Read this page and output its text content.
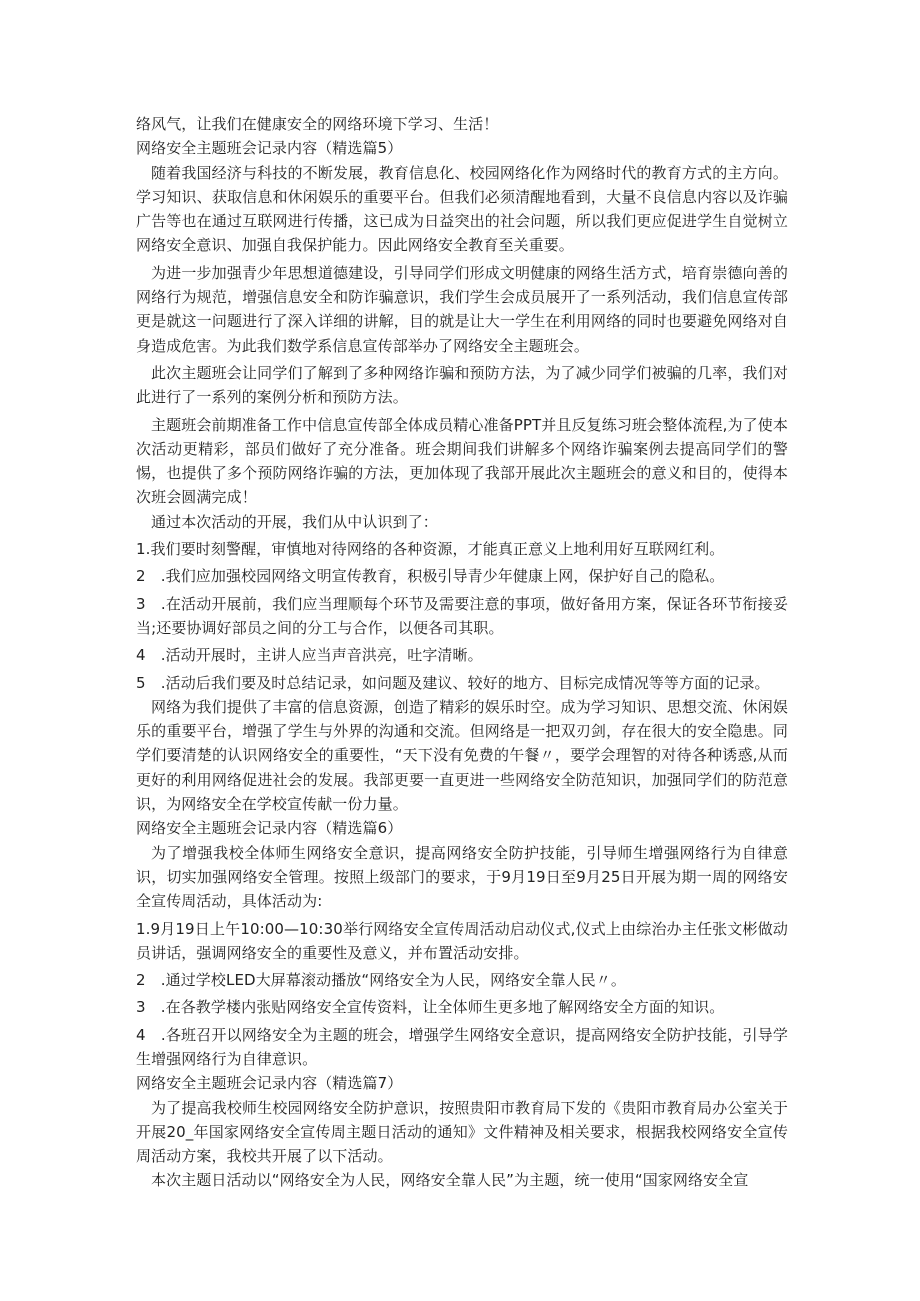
络风气，让我们在健康安全的网络环境下学习、生活！

网络安全主题班会记录内容（精选篇5）

随着我国经济与科技的不断发展，教育信息化、校园网络化作为网络时代的教育方式的主方向。学习知识、获取信息和休闲娱乐的重要平台。但我们必须清醒地看到，大量不良信息内容以及诈骗广告等也在通过互联网进行传播，这已成为日益突出的社会问题，所以我们更应促进学生自觉树立网络安全意识、加强自我保护能力。因此网络安全教育至关重要。

为进一步加强青少年思想道德建设，引导同学们形成文明健康的网络生活方式，培育崇德向善的网络行为规范，增强信息安全和防诈骗意识，我们学生会成员展开了一系列活动，我们信息宣传部更是就这一问题进行了深入详细的讲解，目的就是让大一学生在利用网络的同时也要避免网络对自身造成危害。为此我们数学系信息宣传部举办了网络安全主题班会。

此次主题班会让同学们了解到了多种网络诈骗和预防方法，为了减少同学们被骗的几率，我们对此进行了一系列的案例分析和预防方法。

主题班会前期准备工作中信息宣传部全体成员精心准备PPT并且反复练习班会整体流程,为了使本次活动更精彩，部员们做好了充分准备。班会期间我们讲解多个网络诈骗案例去提高同学们的警惕，也提供了多个预防网络诈骗的方法，更加体现了我部开展此次主题班会的意义和目的，使得本次班会圆满完成！

通过本次活动的开展，我们从中认识到了：

1.我们要时刻警醒，审慎地对待网络的各种资源，才能真正意义上地利用好互联网红利。

2　.我们应加强校园网络文明宣传教育，积极引导青少年健康上网，保护好自己的隐私。

3　.在活动开展前，我们应当理顺每个环节及需要注意的事项，做好备用方案，保证各环节衔接妥当;还要协调好部员之间的分工与合作，以便各司其职。

4　.活动开展时，主讲人应当声音洪亮，吐字清晰。

5　.活动后我们要及时总结记录，如问题及建议、较好的地方、目标完成情况等等方面的记录。

网络为我们提供了丰富的信息资源，创造了精彩的娱乐时空。成为学习知识、思想交流、休闲娱乐的重要平台，增强了学生与外界的沟通和交流。但网络是一把双刃剑，存在很大的安全隐患。同学们要清楚的认识网络安全的重要性，“天下没有免费的午餐〃，要学会理智的对待各种诱惑,从而更好的利用网络促进社会的发展。我部更要一直更进一些网络安全防范知识，加强同学们的防范意识，为网络安全在学校宣传献一份力量。

网络安全主题班会记录内容（精选篇6）

为了增强我校全体师生网络安全意识，提高网络安全防护技能，引导师生增强网络行为自律意识，切实加强网络安全管理。按照上级部门的要求，于9月19日至9月25日开展为期一周的网络安全宣传周活动，具体活动为:

1.9月19日上午10:00—10:30举行网络安全宣传周活动启动仪式,仪式上由综治办主任张文彬做动员讲话，强调网络安全的重要性及意义，并布置活动安排。

2　.通过学校LED大屏幕滚动播放“网络安全为人民，网络安全靠人民〃。

3　.在各教学楼内张贴网络安全宣传资料，让全体师生更多地了解网络安全方面的知识。

4　.各班召开以网络安全为主题的班会，增强学生网络安全意识，提高网络安全防护技能，引导学生增强网络行为自律意识。

网络安全主题班会记录内容（精选篇7）

为了提高我校师生校园网络安全防护意识，按照贵阳市教育局下发的《贵阳市教育局办公室关于开展20_年国家网络安全宣传周主题日活动的通知》文件精神及相关要求，根据我校网络安全宣传周活动方案，我校共开展了以下活动。

本次主题日活动以“网络安全为人民，网络安全靠人民”为主题，统一使用“国家网络安全宣
